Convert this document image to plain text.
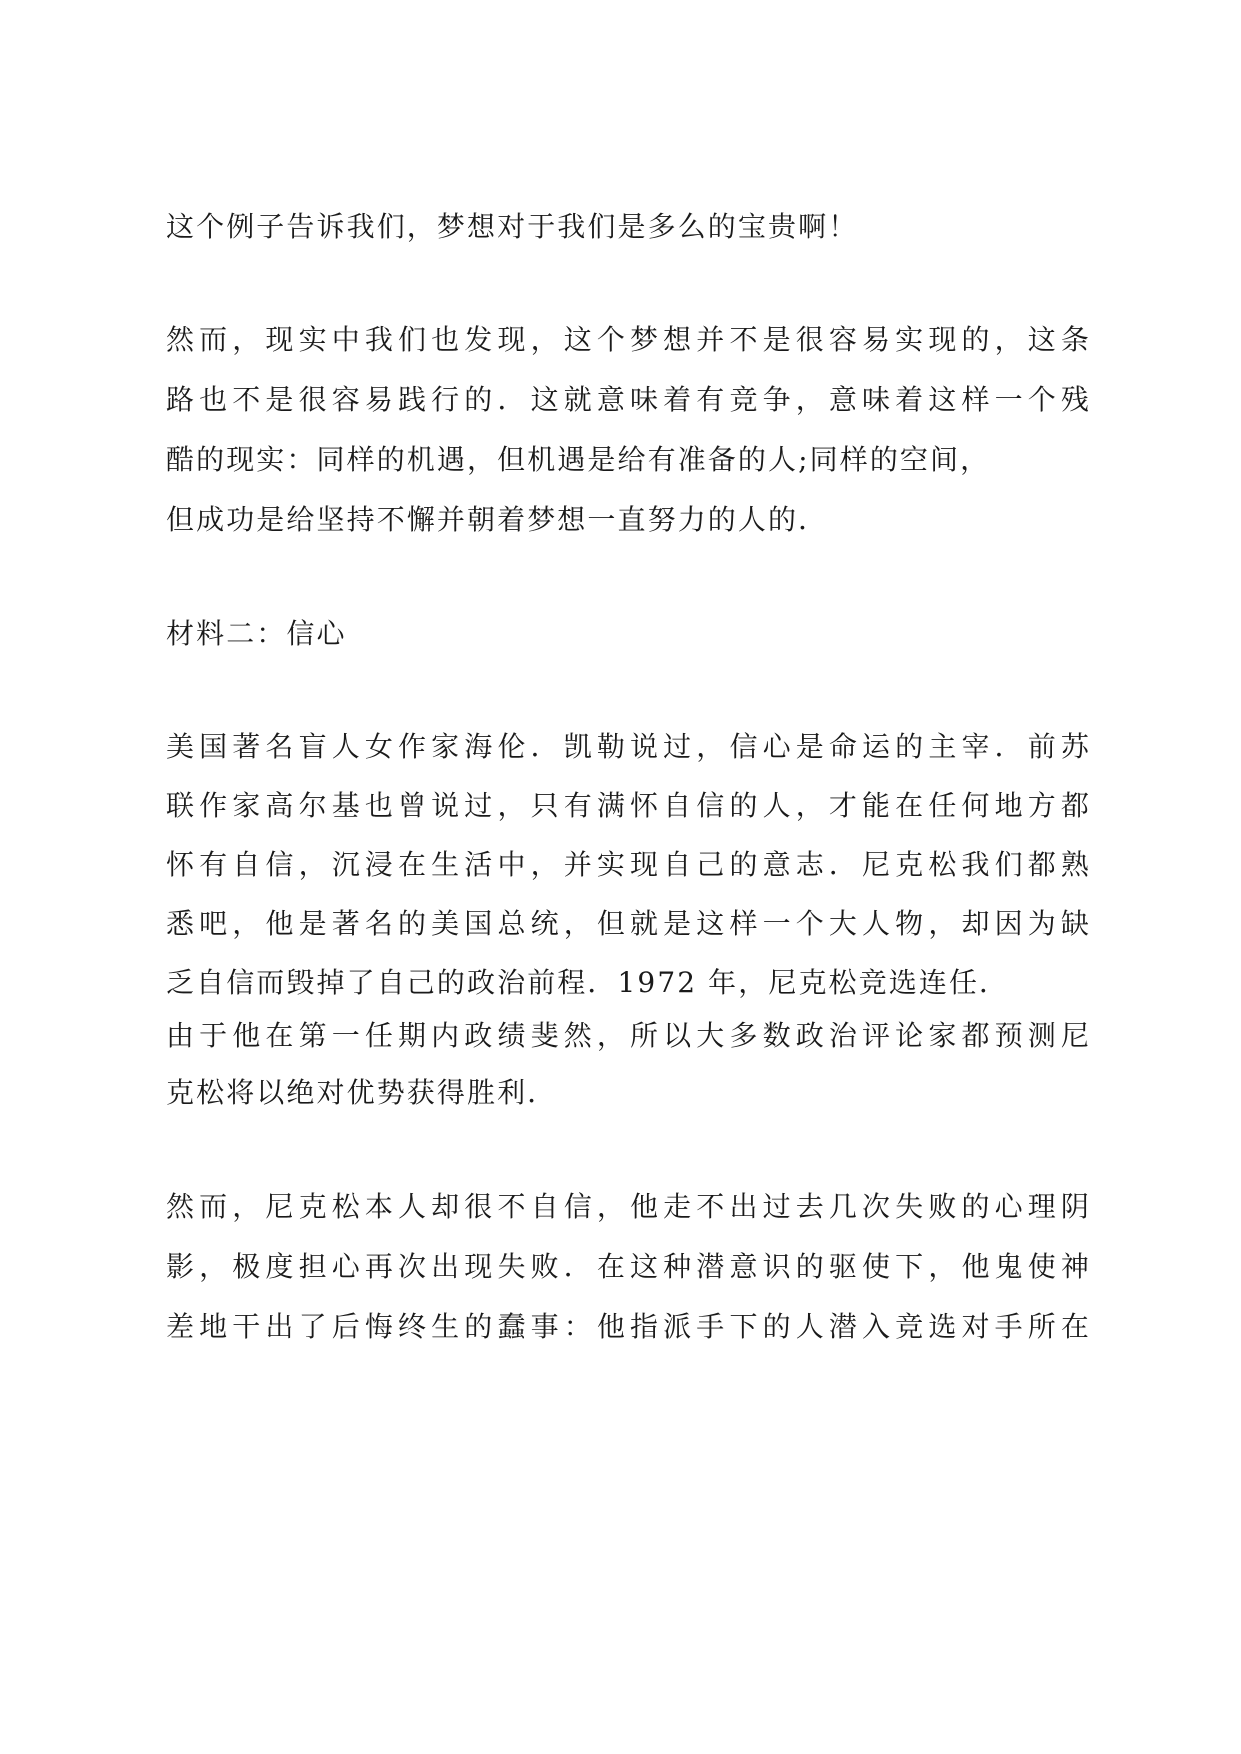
这个例子告诉我们，梦想对于我们是多么的宝贵啊！
然而，现实中我们也发现，这个梦想并不是很容易实现的，这条
路也不是很容易践行的．这就意味着有竞争，意味着这样一个残
酷的现实：同样的机遇，但机遇是给有准备的人;同样的空间，
但成功是给坚持不懈并朝着梦想一直努力的人的．
材料二：信心
美国著名盲人女作家海伦．凯勒说过，信心是命运的主宰．前苏
联作家高尔基也曾说过，只有满怀自信的人，才能在任何地方都
怀有自信，沉浸在生活中，并实现自己的意志．尼克松我们都熟
悉吧，他是著名的美国总统，但就是这样一个大人物，却因为缺
乏自信而毁掉了自己的政治前程．1972 年，尼克松竞选连任．
由于他在第一任期内政绩斐然，所以大多数政治评论家都预测尼
克松将以绝对优势获得胜利．
然而，尼克松本人却很不自信，他走不出过去几次失败的心理阴
影，极度担心再次出现失败．在这种潜意识的驱使下，他鬼使神
差地干出了后悔终生的蠢事：他指派手下的人潜入竞选对手所在
